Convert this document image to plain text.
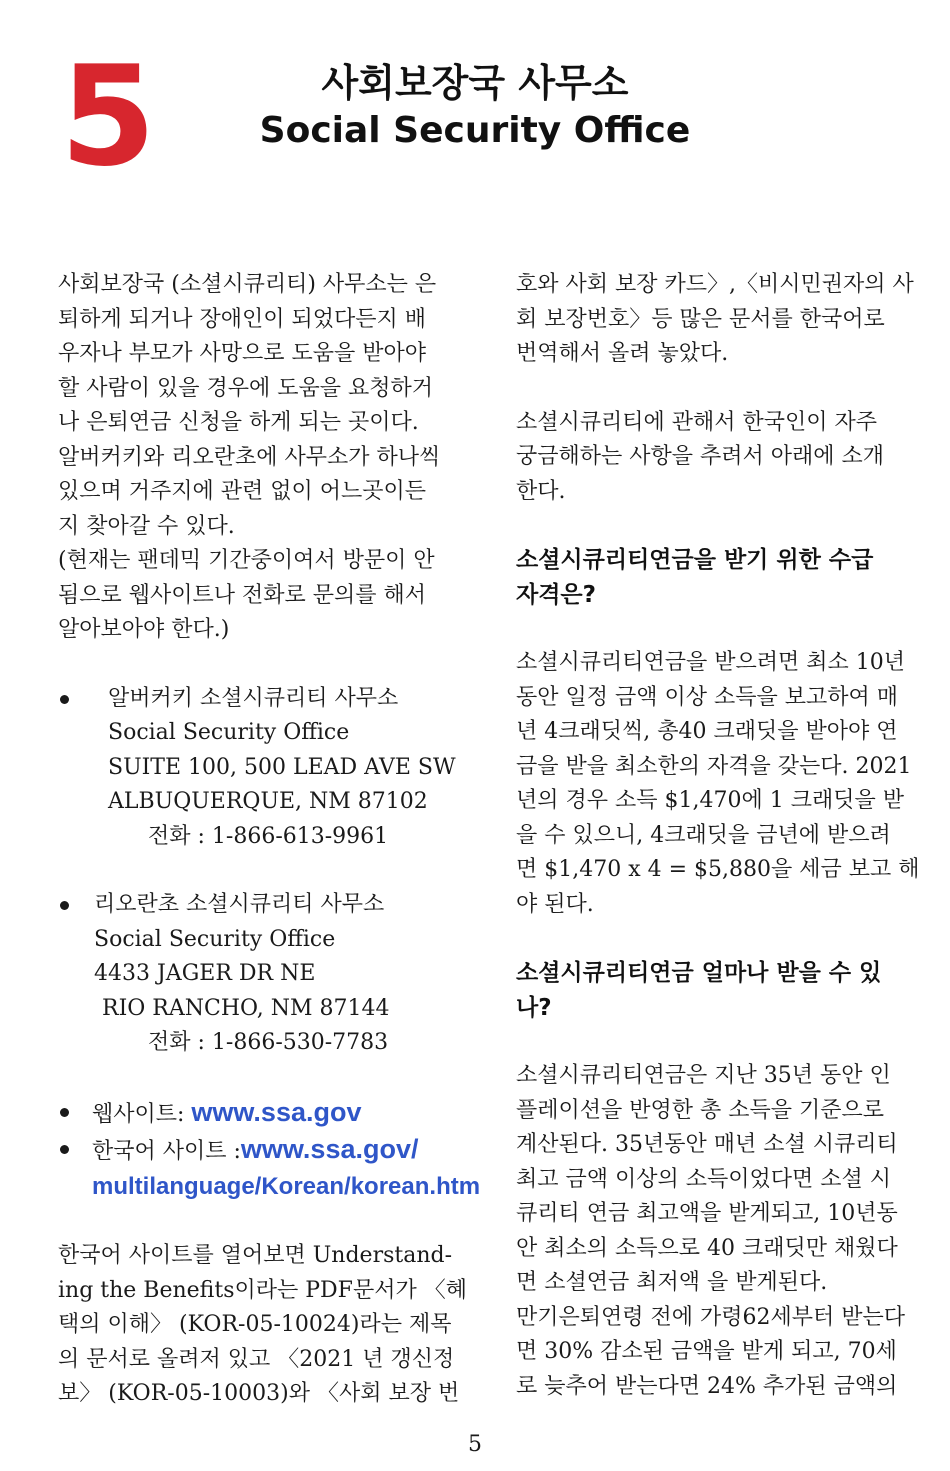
5	사회보장국 사무소
Social Security Office

사회보장국 (소셜시큐리티) 사무소는 은
퇴하게 되거나 장애인이 되었다든지 배
우자나 부모가 사망으로 도움을 받아야
할 사람이 있을 경우에 도움을 요청하거
나 은퇴연금 신청을 하게 되는 곳이다.
알버커키와 리오란초에 사무소가 하나씩
있으며 거주지에 관련 없이 어느곳이든
지 찾아갈 수 있다.
(현재는 팬데믹 기간중이여서 방문이 안
됨으로 웹사이트나 전화로 문의를 해서
알아보아야 한다.)

알버커키 소셜시큐리티 사무소
Social Security Office
SUITE 100, 500 LEAD AVE SW
ALBUQUERQUE, NM 87102
전화 : 1-866-613-9961
리오란초 소셜시큐리티 사무소
Social Security Office
4433 JAGER DR NE
RIO RANCHO, NM 87144
전화 : 1-866-530-7783
웹사이트: www.ssa.gov
한국어 사이트 :www.ssa.gov/
multilanguage/Korean/korean.htm

한국어 사이트를 열어보면 Understand-
ing the Benefits이라는 PDF문서가 〈혜
택의 이해〉 (KOR-05-10024)라는 제목
의 문서로 올려저 있고 〈2021 년 갱신정
보〉 (KOR-05-10003)와 〈사회 보장 번

호와 사회 보장 카드〉,〈비시민권자의 사
회 보장번호〉등 많은 문서를 한국어로
번역해서 올려 놓았다.

소셜시큐리티에 관해서 한국인이 자주
궁금해하는 사항을 추려서 아래에 소개
한다.

소셜시큐리티연금을 받기 위한 수급
자격은?

소셜시큐리티연금을 받으려면 최소 10년
동안 일정 금액 이상 소득을 보고하여 매
년 4크래딧씩, 총40 크래딧을 받아야 연
금을 받을 최소한의 자격을 갖는다. 2021
년의 경우 소득 $1,470에 1 크래딧을 받
을 수 있으니, 4크래딧을 금년에 받으려
면 $1,470 x 4 = $5,880을 세금 보고 해
야 된다.

소셜시큐리티연금 얼마나 받을 수 있
나?

소셜시큐리티연금은 지난 35년 동안 인
플레이션을 반영한 총 소득을 기준으로
계산된다. 35년동안 매년 소셜 시큐리티
최고 금액 이상의 소득이었다면 소셜 시
큐리티 연금 최고액을 받게되고, 10년동
안 최소의 소득으로 40 크래딧만 채웠다
면 소셜연금 최저액 을 받게된다.
만기은퇴연령 전에 가령62세부터 받는다
면 30% 감소된 금액을 받게 되고, 70세
로 늦추어 받는다면 24% 추가된 금액의

5
